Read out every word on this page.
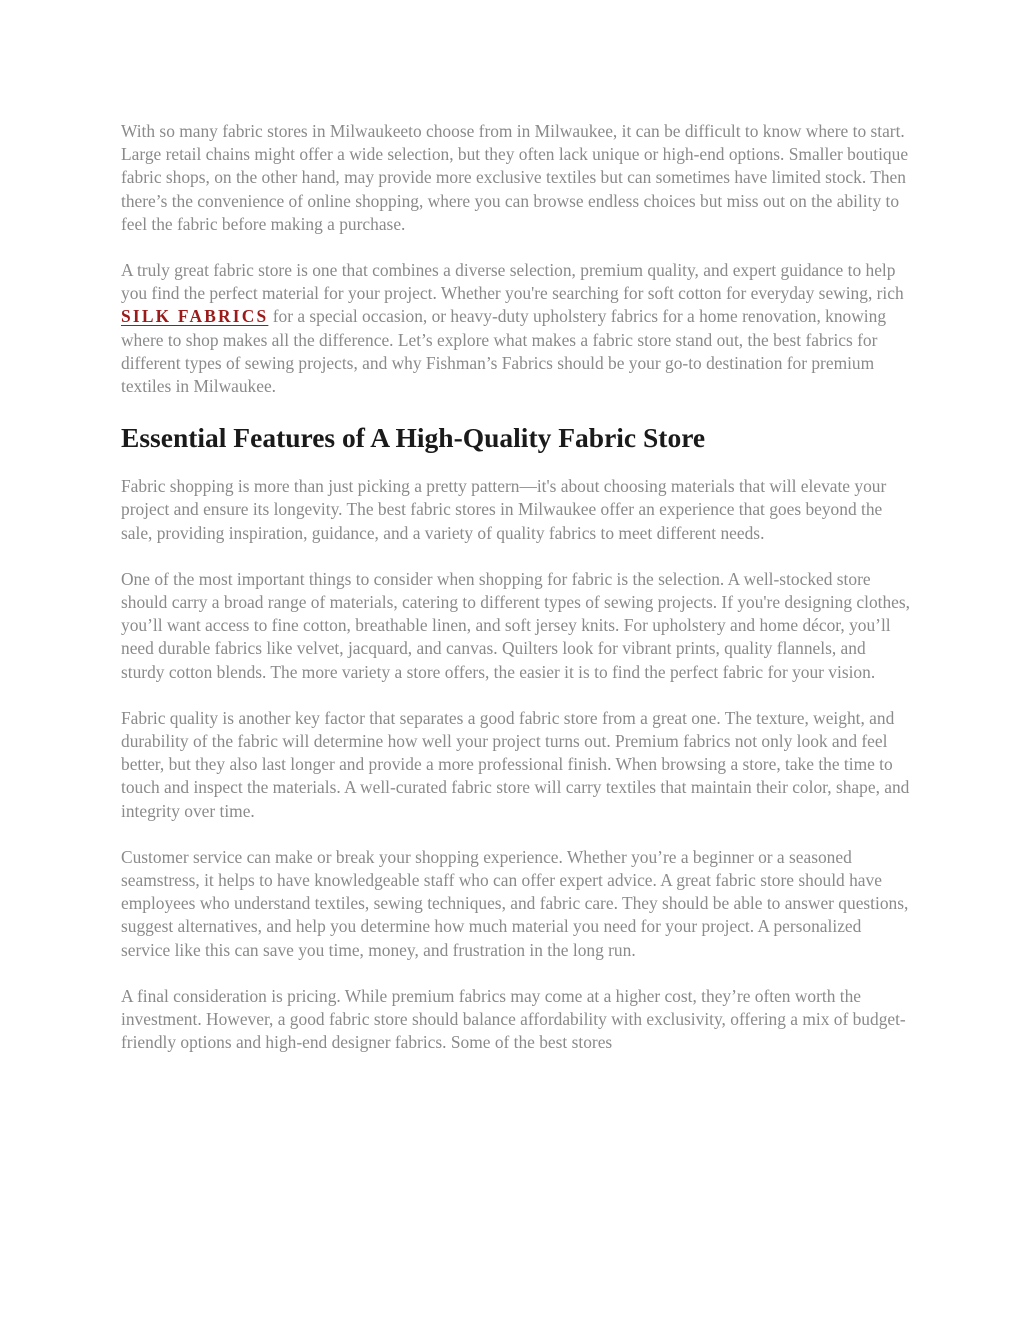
With so many fabric stores in Milwaukeeto choose from in Milwaukee, it can be difficult to know where to start. Large retail chains might offer a wide selection, but they often lack unique or high-end options. Smaller boutique fabric shops, on the other hand, may provide more exclusive textiles but can sometimes have limited stock. Then there’s the convenience of online shopping, where you can browse endless choices but miss out on the ability to feel the fabric before making a purchase.

A truly great fabric store is one that combines a diverse selection, premium quality, and expert guidance to help you find the perfect material for your project. Whether you're searching for soft cotton for everyday sewing, rich SILK FABRICS for a special occasion, or heavy-duty upholstery fabrics for a home renovation, knowing where to shop makes all the difference. Let’s explore what makes a fabric store stand out, the best fabrics for different types of sewing projects, and why Fishman’s Fabrics should be your go-to destination for premium textiles in Milwaukee.

Essential Features of A High-Quality Fabric Store

Fabric shopping is more than just picking a pretty pattern—it's about choosing materials that will elevate your project and ensure its longevity. The best fabric stores in Milwaukee offer an experience that goes beyond the sale, providing inspiration, guidance, and a variety of quality fabrics to meet different needs.

One of the most important things to consider when shopping for fabric is the selection. A well-stocked store should carry a broad range of materials, catering to different types of sewing projects. If you're designing clothes, you’ll want access to fine cotton, breathable linen, and soft jersey knits. For upholstery and home décor, you’ll need durable fabrics like velvet, jacquard, and canvas. Quilters look for vibrant prints, quality flannels, and sturdy cotton blends. The more variety a store offers, the easier it is to find the perfect fabric for your vision.

Fabric quality is another key factor that separates a good fabric store from a great one. The texture, weight, and durability of the fabric will determine how well your project turns out. Premium fabrics not only look and feel better, but they also last longer and provide a more professional finish. When browsing a store, take the time to touch and inspect the materials. A well-curated fabric store will carry textiles that maintain their color, shape, and integrity over time.

Customer service can make or break your shopping experience. Whether you’re a beginner or a seasoned seamstress, it helps to have knowledgeable staff who can offer expert advice. A great fabric store should have employees who understand textiles, sewing techniques, and fabric care. They should be able to answer questions, suggest alternatives, and help you determine how much material you need for your project. A personalized service like this can save you time, money, and frustration in the long run.

A final consideration is pricing. While premium fabrics may come at a higher cost, they’re often worth the investment. However, a good fabric store should balance affordability with exclusivity, offering a mix of budget-friendly options and high-end designer fabrics. Some of the best stores
